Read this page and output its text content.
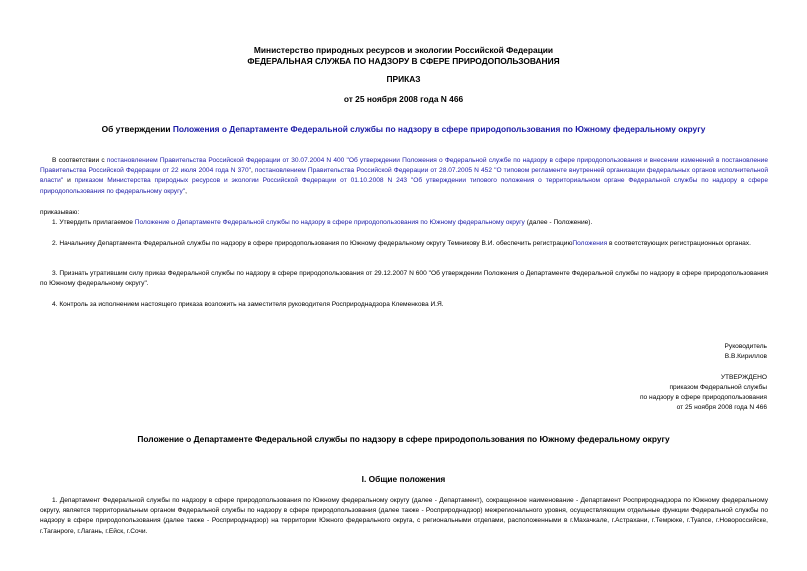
Министерство природных ресурсов и экологии Российской Федерации
ФЕДЕРАЛЬНАЯ СЛУЖБА ПО НАДЗОРУ В СФЕРЕ ПРИРОДОПОЛЬЗОВАНИЯ
ПРИКАЗ
от 25 ноября 2008 года N 466
Об утверждении Положения о Департаменте Федеральной службы по надзору в сфере природопользования по Южному федеральному округу
В соответствии с постановлением Правительства Российской Федерации от 30.07.2004 N 400 "Об утверждении Положения о Федеральной службе по надзору в сфере природопользования и внесении изменений в постановление Правительства Российской Федерации от 22 июля 2004 года N 370", постановлением Правительства Российской Федерации от 28.07.2005 N 452 "О типовом регламенте внутренней организации федеральных органов исполнительной власти" и приказом Министерства природных ресурсов и экологии Российской Федерации от 01.10.2008 N 243 "Об утверждении типового положения о территориальном органе Федеральной службы по надзору в сфере природопользования по федеральному округу",
приказываю:
1. Утвердить прилагаемое Положение о Департаменте Федеральной службы по надзору в сфере природопользования по Южному федеральному округу (далее - Положение).
2. Начальнику Департамента Федеральной службы по надзору в сфере природопользования по Южному федеральному округу Темникову В.И. обеспечить регистрациюПоложения в соответствующих регистрационных органах.
3. Признать утратившим силу приказ Федеральной службы по надзору в сфере природопользования от 29.12.2007 N 600 "Об утверждении Положения о Департаменте Федеральной службы по надзору в сфере природопользования по Южному федеральному округу".
4. Контроль за исполнением настоящего приказа возложить на заместителя руководителя Росприроднадзора Клеменкова И.Я.
Руководитель
В.В.Кириллов
УТВЕРЖДЕНО
приказом Федеральной службы
по надзору в сфере природопользования
от 25 ноября 2008 года N 466
Положение о Департаменте Федеральной службы по надзору в сфере природопользования по Южному федеральному округу
I. Общие положения
1. Департамент Федеральной службы по надзору в сфере природопользования по Южному федеральному округу (далее - Департамент), сокращенное наименование - Департамент Росприроднадзора по Южному федеральному округу, является территориальным органом Федеральной службы по надзору в сфере природопользования (далее также - Росприроднадзор) межрегионального уровня, осуществляющим отдельные функции Федеральной службы по надзору в сфере природопользования (далее также - Росприроднадзор) на территории Южного федерального округа, с региональными отделами, расположенными в г.Махачкале, г.Астрахани, г.Темрюке, г.Туапсе, г.Новороссийске, г.Таганроге, г.Лагань, г.Ейск, г.Сочи.
